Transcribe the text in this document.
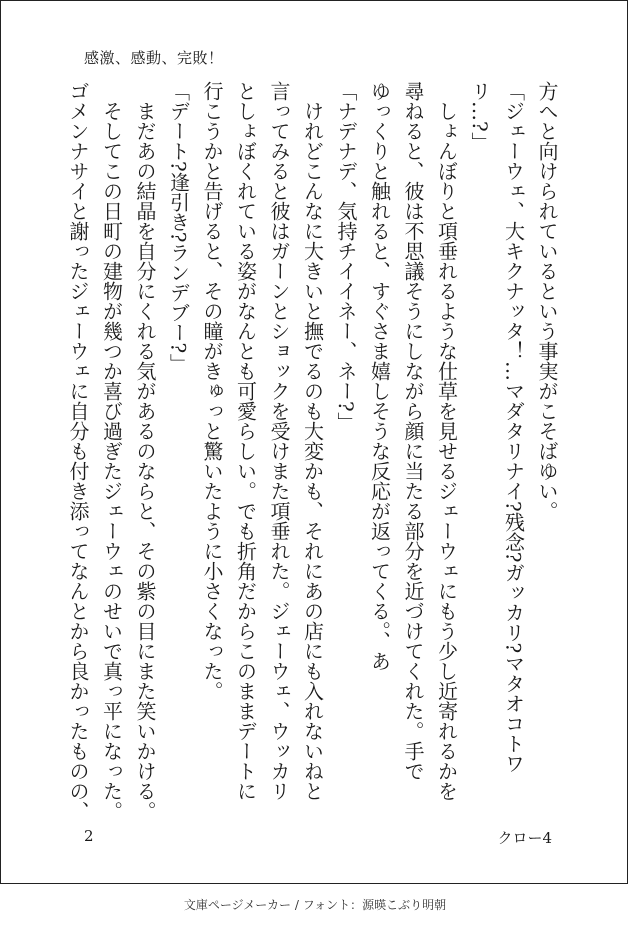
感激、感動、完敗！
方へと向けられているという事実がこそばゆい。
「ジェーウェ、大キクナッタ！…マダタリナイ?残念?ガッカリ?マタオコトワ
リ…?」
　しょんぼりと項垂れるような仕草を見せるジェーウェにもう少し近寄れるかを
尋ねると、彼は不思議そうにしながら顔に当たる部分を近づけてくれた。手で
ゆっくりと触れると、すぐさま嬉しそうな反応が返ってくる。、あ
「ナデナデ、気持チイイネー、ネー?」
　けれどこんなに大きいと撫でるのも大変かも、それにあの店にも入れないねと
言ってみると彼はガーンとショックを受けまた項垂れた。ジェーウェ、ウッカリ
としょぼくれている姿がなんとも可愛らしい。でも折角だからこのままデートに
行こうかと告げると、その瞳がきゅっと驚いたように小さくなった。
「デート?逢引き?ランデブー?」
　まだあの結晶を自分にくれる気があるのならと、その紫の目にまた笑いかける。
　そしてこの日町の建物が幾つか喜び過ぎたジェーウェのせいで真っ平になった。
ゴメンナサイと謝ったジェーウェに自分も付き添ってなんとから良かったものの、
2	クロー4
文庫ページメーカー / フォント：源暎こぶり明朝
